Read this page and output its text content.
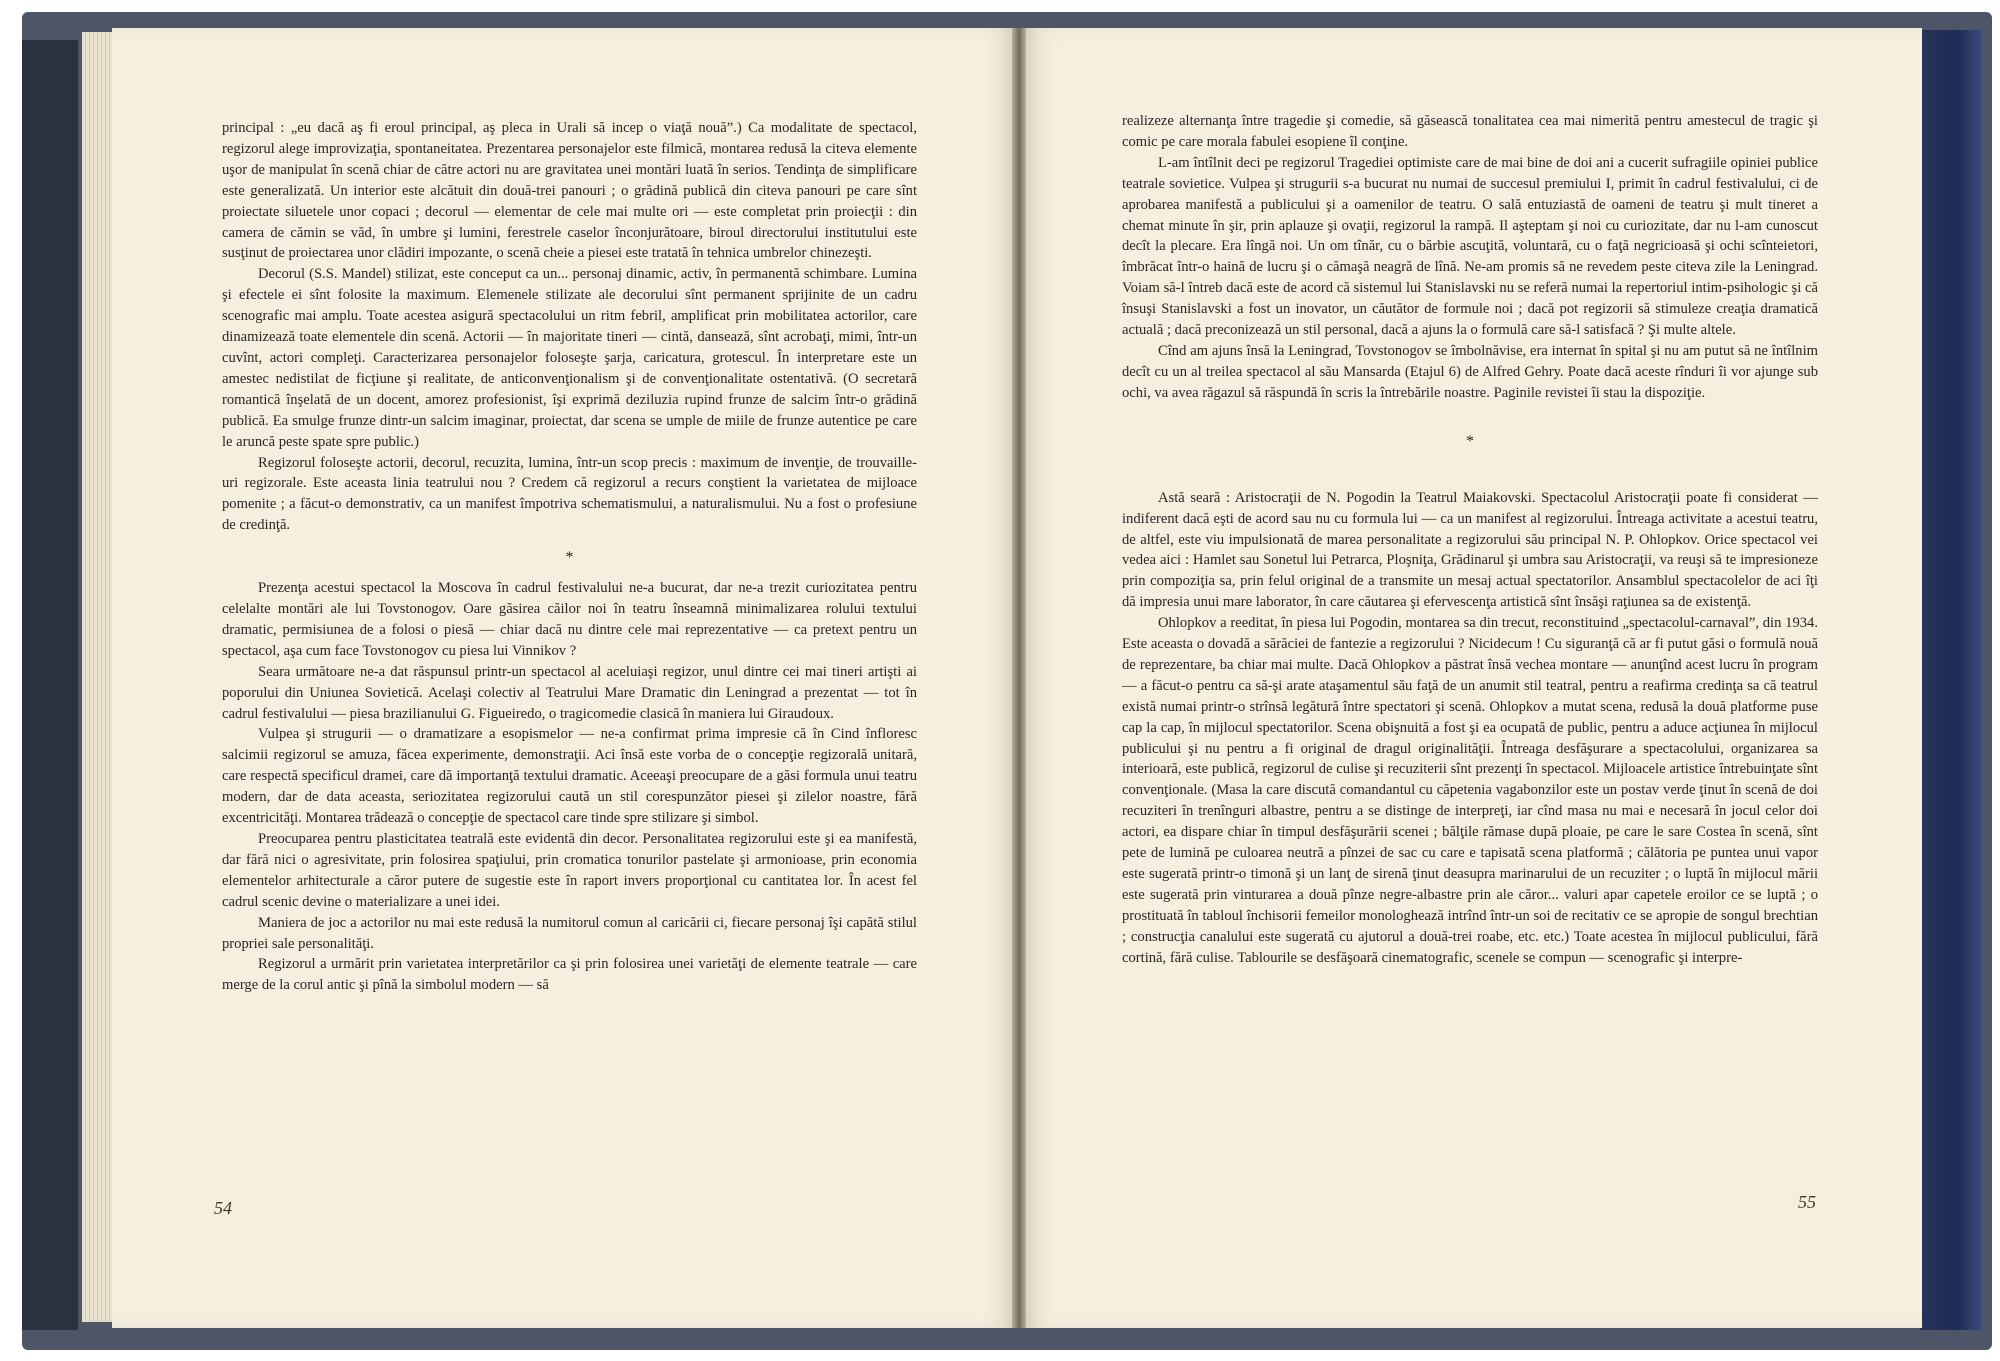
principal : „eu dacă aş fi eroul principal, aş pleca in Urali să incep o viaţă nouă”.) Ca modalitate de spectacol, regizorul alege improvizaţia, spontaneitatea. Prezentarea personajelor este filmică, montarea redusă la citeva elemente uşor de manipulat în scenă chiar de către actori nu are gravitatea unei montări luată în serios. Tendinţa de simplificare este generalizată. Un interior este alcătuit din două-trei panouri ; o grădină publică din citeva panouri pe care sînt proiectate siluetele unor copaci ; decorul — elementar de cele mai multe ori — este completat prin proiecţii : din camera de cămin se văd, în umbre şi lumini, ferestrele caselor înconjurătoare, biroul directorului institutului este susţinut de proiectarea unor clădiri impozante, o scenă cheie a piesei este tratată în tehnica umbrelor chinezeşti.

Decorul (S.S. Mandel) stilizat, este conceput ca un... personaj dinamic, activ, în permanentă schimbare. Lumina şi efectele ei sînt folosite la maximum. Elemenele stilizate ale decorului sînt permanent sprijinite de un cadru scenografic mai amplu. Toate acestea asigură spectacolului un ritm febril, amplificat prin mobilitatea actorilor, care dinamizează toate elementele din scenă. Actorii — în majoritate tineri — cintă, dansează, sînt acrobaţi, mimi, într-un cuvînt, actori compleţi. Caracterizarea personajelor foloseşte şarja, caricatura, grotescul. În interpretare este un amestec nedistilat de ficţiune şi realitate, de anticonvenţionalism şi de convenţionalitate ostentativă. (O secretară romantică înşelată de un docent, amorez profesionist, îşi exprimă deziluzia rupind frunze de salcim într-o grădină publică. Ea smulge frunze dintr-un salcim imaginar, proiectat, dar scena se umple de miile de frunze autentice pe care le aruncă peste spate spre public.)

Regizorul foloseşte actorii, decorul, recuzita, lumina, într-un scop precis : maximum de invenţie, de trouvaille-uri regizorale. Este aceasta linia teatrului nou ? Credem că regizorul a recurs conştient la varietatea de mijloace pomenite ; a făcut-o demonstrativ, ca un manifest împotriva schematismului, a naturalismului. Nu a fost o profesiune de credinţă.

*

Prezenţa acestui spectacol la Moscova în cadrul festivalului ne-a bucurat, dar ne-a trezit curiozitatea pentru celelalte montări ale lui Tovstonogov. Oare găsirea căilor noi în teatru înseamnă minimalizarea rolului textului dramatic, permisiunea de a folosi o piesă — chiar dacă nu dintre cele mai reprezentative — ca pretext pentru un spectacol, aşa cum face Tovstonogov cu piesa lui Vinnikov ?

Seara următoare ne-a dat răspunsul printr-un spectacol al aceluiaşi regizor, unul dintre cei mai tineri artişti ai poporului din Uniunea Sovietică. Acelaşi colectiv al Teatrului Mare Dramatic din Leningrad a prezentat — tot în cadrul festivalului — piesa brazilianului G. Figueiredo, o tragicomedie clasică în maniera lui Giraudoux.

Vulpea şi strugurii — o dramatizare a esopismelor — ne-a confirmat prima impresie că în Cind înfloresc salcimii regizorul se amuza, făcea experimente, demonstraţii. Aci însă este vorba de o concepţie regizorală unitară, care respectă specificul dramei, care dă importanţă textului dramatic. Aceeaşi preocupare de a găsi formula unui teatru modern, dar de data aceasta, seriozitatea regizorului caută un stil corespunzător piesei şi zilelor noastre, fără excentricităţi. Montarea trădează o concepţie de spectacol care tinde spre stilizare şi simbol.

Preocuparea pentru plasticitatea teatrală este evidentă din decor. Personalitatea regizorului este şi ea manifestă, dar fără nici o agresivitate, prin folosirea spaţiului, prin cromatica tonurilor pastelate şi armonioase, prin economia elementelor arhitecturale a căror putere de sugestie este în raport invers proporţional cu cantitatea lor. În acest fel cadrul scenic devine o materializare a unei idei.

Maniera de joc a actorilor nu mai este redusă la numitorul comun al caricării ci, fiecare personaj îşi capătă stilul propriei sale personalităţi.

Regizorul a urmărit prin varietatea interpretărilor ca şi prin folosirea unei varietăţi de elemente teatrale — care merge de la corul antic şi pînă la simbolul modern — să

54

realizeze alternanţa între tragedie şi comedie, să găsească tonalitatea cea mai nimerită pentru amestecul de tragic şi comic pe care morala fabulei esopiene îl conţine.

L-am întîlnit deci pe regizorul Tragediei optimiste care de mai bine de doi ani a cucerit sufragiile opiniei publice teatrale sovietice. Vulpea şi strugurii s-a bucurat nu numai de succesul premiului I, primit în cadrul festivalului, ci de aprobarea manifestă a publicului şi a oamenilor de teatru. O sală entuziastă de oameni de teatru şi mult tineret a chemat minute în şir, prin aplauze şi ovaţii, regizorul la rampă. Il aşteptam şi noi cu curiozitate, dar nu l-am cunoscut decît la plecare. Era lîngă noi. Un om tînăr, cu o bărbie ascuţită, voluntară, cu o faţă negricioasă şi ochi scînteietori, îmbrăcat într-o haină de lucru şi o cămaşă neagră de lînă. Ne-am promis să ne revedem peste citeva zile la Leningrad. Voiam să-l întreb dacă este de acord că sistemul lui Stanislavski nu se referă numai la repertoriul intim-psihologic şi că însuşi Stanislavski a fost un inovator, un căutător de formule noi ; dacă pot regizorii să stimuleze creaţia dramatică actuală ; dacă preconizează un stil personal, dacă a ajuns la o formulă care să-l satisfacă ? Şi multe altele.

Cînd am ajuns însă la Leningrad, Tovstonogov se îmbolnăvise, era internat în spital şi nu am putut să ne întîlnim decît cu un al treilea spectacol al său Mansarda (Etajul 6) de Alfred Gehry. Poate dacă aceste rînduri îi vor ajunge sub ochi, va avea răgazul să răspundă în scris la întrebările noastre. Paginile revistei îi stau la dispoziţie.

*

Astă seară : Aristocraţii de N. Pogodin la Teatrul Maiakovski. Spectacolul Aristocraţii poate fi considerat — indiferent dacă eşti de acord sau nu cu formula lui — ca un manifest al regizorului. Întreaga activitate a acestui teatru, de altfel, este viu impulsionată de marea personalitate a regizorului său principal N. P. Ohlopkov. Orice spectacol vei vedea aici : Hamlet sau Sonetul lui Petrarca, Ploşniţa, Grădinarul şi umbra sau Aristocraţii, va reuşi să te impresioneze prin compoziţia sa, prin felul original de a transmite un mesaj actual spectatorilor. Ansamblul spectacolelor de aci îţi dă impresia unui mare laborator, în care căutarea şi efervescenţa artistică sînt însăşi raţiunea sa de existenţă.

Ohlopkov a reeditat, în piesa lui Pogodin, montarea sa din trecut, reconstituind „spectacolul-carnaval”, din 1934. Este aceasta o dovadă a sărăciei de fantezie a regizorului ? Nicidecum ! Cu siguranţă că ar fi putut găsi o formulă nouă de reprezentare, ba chiar mai multe. Dacă Ohlopkov a păstrat însă vechea montare — anunţînd acest lucru în program — a făcut-o pentru ca să-şi arate ataşamentul său faţă de un anumit stil teatral, pentru a reafirma credinţa sa că teatrul există numai printr-o strînsă legătură între spectatori şi scenă. Ohlopkov a mutat scena, redusă la două platforme puse cap la cap, în mijlocul spectatorilor. Scena obişnuită a fost şi ea ocupată de public, pentru a aduce acţiunea în mijlocul publicului şi nu pentru a fi original de dragul originalităţii. Întreaga desfăşurare a spectacolului, organizarea sa interioară, este publică, regizorul de culise şi recuziterii sînt prezenţi în spectacol. Mijloacele artistice întrebuinţate sînt convenţionale. (Masa la care discută comandantul cu căpetenia vagabonzilor este un postav verde ţinut în scenă de doi recuziteri în trenînguri albastre, pentru a se distinge de interpreţi, iar cînd masa nu mai e necesară în jocul celor doi actori, ea dispare chiar în timpul desfăşurării scenei ; bălţile rămase după ploaie, pe care le sare Costea în scenă, sînt pete de lumină pe culoarea neutră a pînzei de sac cu care e tapisată scena platformă ; călătoria pe puntea unui vapor este sugerată printr-o timonă şi un lanţ de sirenă ţinut deasupra marinarului de un recuziter ; o luptă în mijlocul mării este sugerată prin vinturarea a două pînze negre-albastre prin ale căror... valuri apar capetele eroilor ce se luptă ; o prostituată în tabloul închisorii femeilor monologhează intrînd într-un soi de recitativ ce se apropie de songul brechtian ; construcţia canalului este sugerată cu ajutorul a două-trei roabe, etc. etc.) Toate acestea în mijlocul publicului, fără cortină, fără culise. Tablourile se desfăşoară cinematografic, scenele se compun — scenografic şi interpre-

55
